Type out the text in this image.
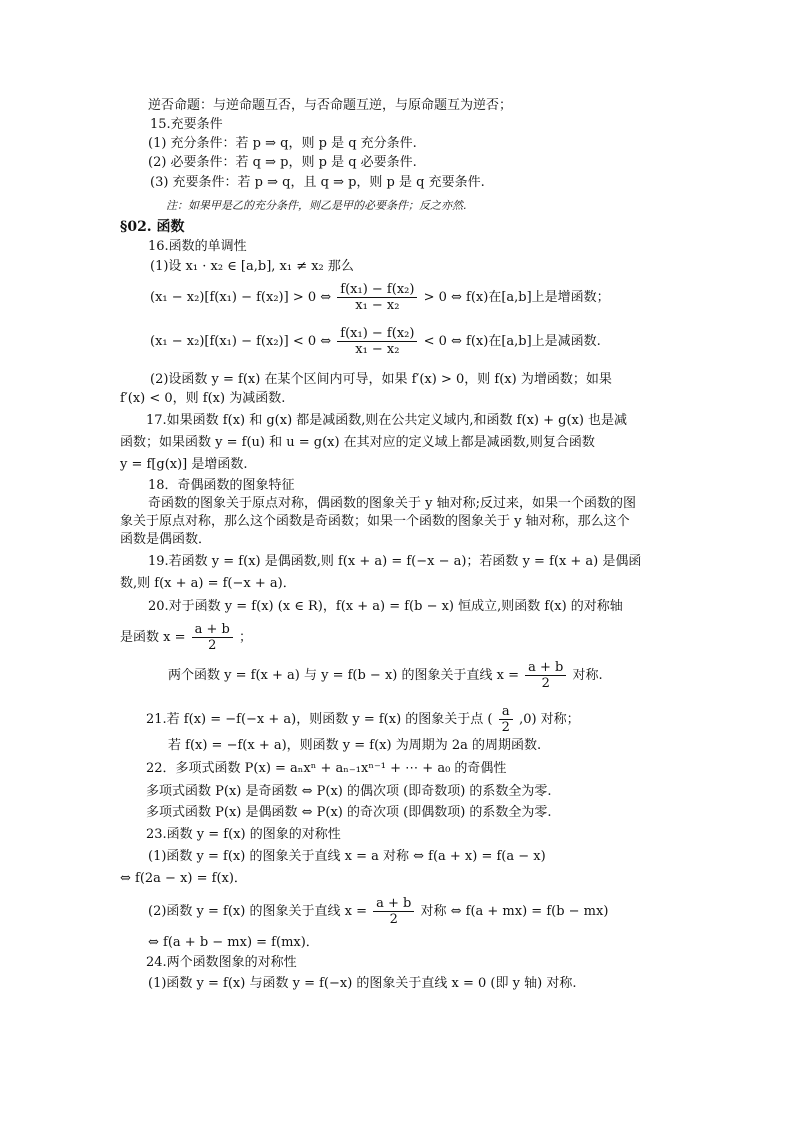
逆否命题：与逆命题互否，与否命题互逆，与原命题互为逆否；
15.充要条件
(1) 充分条件：若 p ⇒ q，则 p 是 q 充分条件.
(2) 必要条件：若 q ⇒ p，则 p 是 q 必要条件.
(3) 充要条件：若 p ⇒ q，且 q ⇒ p，则 p 是 q 充要条件.
注：如果甲是乙的充分条件，则乙是甲的必要条件；反之亦然.
§02. 函数
16.函数的单调性
(1)设 x₁ · x₂ ∈ [a,b], x₁ ≠ x₂ 那么
(x₁ − x₂)[f(x₁) − f(x₂)] > 0 ⇔ $\frac{\text{f(x₁) − f(x₂)}}{\text{x₁ − x₂}} > 0$ ⇔ f(x)在[a,b]上是增函数；
(x₁ − x₂)[f(x₁) − f(x₂)] < 0 ⇔ $\frac{\text{f(x₁) − f(x₂)}}{\text{x₁ − x₂}} < 0$ ⇔ f(x)在[a,b]上是减函数.
(2)设函数 y = f(x) 在某个区间内可导，如果 f′(x) > 0，则 f(x) 为增函数；如果
f′(x) < 0，则 f(x) 为减函数.
17.如果函数 f(x) 和 g(x) 都是减函数,则在公共定义域内,和函数 f(x) + g(x) 也是减
函数；如果函数 y = f(u) 和 u = g(x) 在其对应的定义域上都是减函数,则复合函数
y = f[g(x)] 是增函数.
18．奇偶函数的图象特征
奇函数的图象关于原点对称，偶函数的图象关于 y 轴对称;反过来，如果一个函数的图
象关于原点对称，那么这个函数是奇函数；如果一个函数的图象关于 y 轴对称，那么这个
函数是偶函数．
19.若函数 y = f(x) 是偶函数,则 f(x + a) = f(−x − a)；若函数 y = f(x + a) 是偶函
数,则 f(x + a) = f(−x + a)．
20.对于函数 y = f(x) (x ∈ R)，f(x + a) = f(b − x) 恒成立,则函数 f(x) 的对称轴
是函数 $x = \frac{a + b}{2}$ ；
两个函数 y = f(x + a) 与 y = f(b − x) 的图象关于直线 $x = \frac{a + b}{2}$ 对称.
21.若 f(x) = −f(−x + a)，则函数 y = f(x) 的图象关于点 ( $\frac{a}{2} ,0$) 对称；
若 f(x) = −f(x + a)，则函数 y = f(x) 为周期为 2a 的周期函数.
22．多项式函数 P(x) = aₙxⁿ + aₙ₋₁xⁿ⁻¹ + ⋯ + a₀ 的奇偶性
多项式函数 P(x) 是奇函数 ⇔ P(x) 的偶次项 (即奇数项) 的系数全为零.
多项式函数 P(x) 是偶函数 ⇔ P(x) 的奇次项 (即偶数项) 的系数全为零.
23.函数 y = f(x) 的图象的对称性
(1)函数 y = f(x) 的图象关于直线 x = a 对称 ⇔ f(a + x) = f(a − x)
⇔ f(2a − x) = f(x)．
(2)函数 y = f(x) 的图象关于直线 $x = \frac{a + b}{2}$ 对称 ⇔ f(a + mx) = f(b − mx)
⇔ f(a + b − mx) = f(mx)．
24.两个函数图象的对称性
(1)函数 y = f(x) 与函数 y = f(−x) 的图象关于直线 x = 0 (即 y 轴) 对称.
